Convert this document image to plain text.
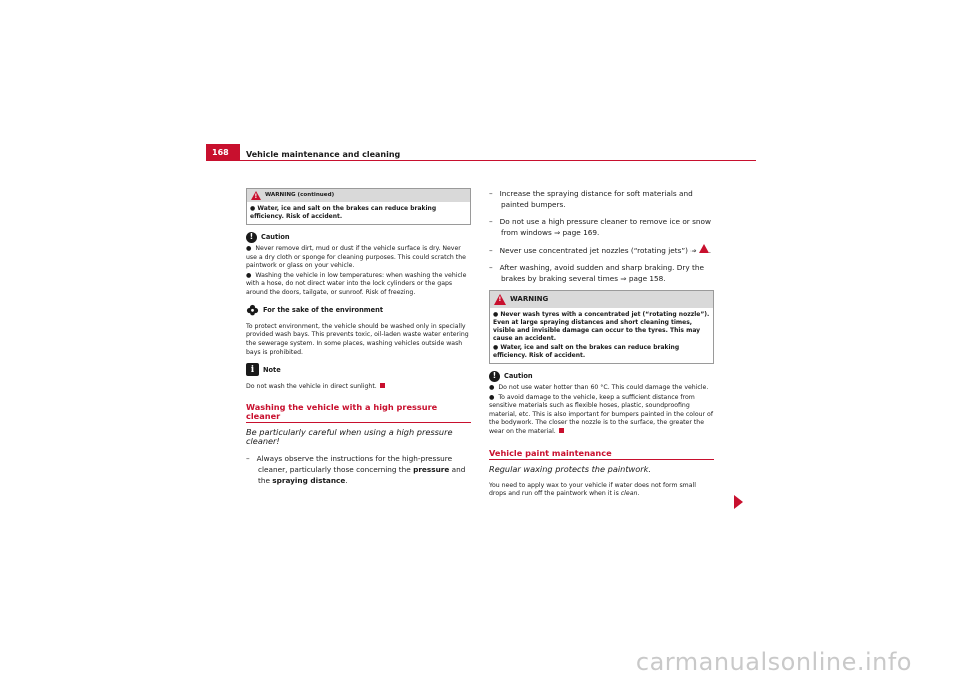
168 Vehicle maintenance and cleaning
!
WARNING (continued)

● Water, ice and salt on the brakes can reduce braking efficiency. Risk of accident.

!	Caution

● Never remove dirt, mud or dust if the vehicle surface is dry. Never use a dry cloth or sponge for cleaning purposes. This could scratch the paintwork or glass on your vehicle.

● Washing the vehicle in low temperatures: when washing the vehicle with a hose, do not direct water into the lock cylinders or the gaps around the doors, tailgate, or sunroof. Risk of freezing.

For the sake of the environment

To protect environment, the vehicle should be washed only in specially provided wash bays. This prevents toxic, oil-laden waste water entering the sewerage system. In some places, washing vehicles outside wash bays is prohibited.

i	Note

Do not wash the vehicle in direct sunlight.

Washing the vehicle with a high pressure cleaner
Be particularly careful when using a high pressure cleaner!

– Always observe the instructions for the high-pressure cleaner, particularly those concerning the pressure and the spraying distance.

– Increase the spraying distance for soft materials and painted bumpers.

– Do not use a high pressure cleaner to remove ice or snow from windows ⇒ page 169.

– Never use concentrated jet nozzles (“rotating jets”) ⇒ ! .

– After washing, avoid sudden and sharp braking. Dry the brakes by braking several times ⇒ page 158.

!
WARNING

● Never wash tyres with a concentrated jet (“rotating nozzle”). Even at large spraying distances and short cleaning times, visible and invisible damage can occur to the tyres. This may cause an accident.

● Water, ice and salt on the brakes can reduce braking efficiency. Risk of accident.

!	Caution

● Do not use water hotter than 60 °C. This could damage the vehicle.

● To avoid damage to the vehicle, keep a sufficient distance from sensitive materials such as flexible hoses, plastic, soundproofing material, etc. This is also important for bumpers painted in the colour of the bodywork. The closer the nozzle is to the surface, the greater the wear on the material.

Vehicle paint maintenance
Regular waxing protects the paintwork.

You need to apply wax to your vehicle if water does not form small drops and run off the paintwork when it is clean.

carmanualsonline.info
